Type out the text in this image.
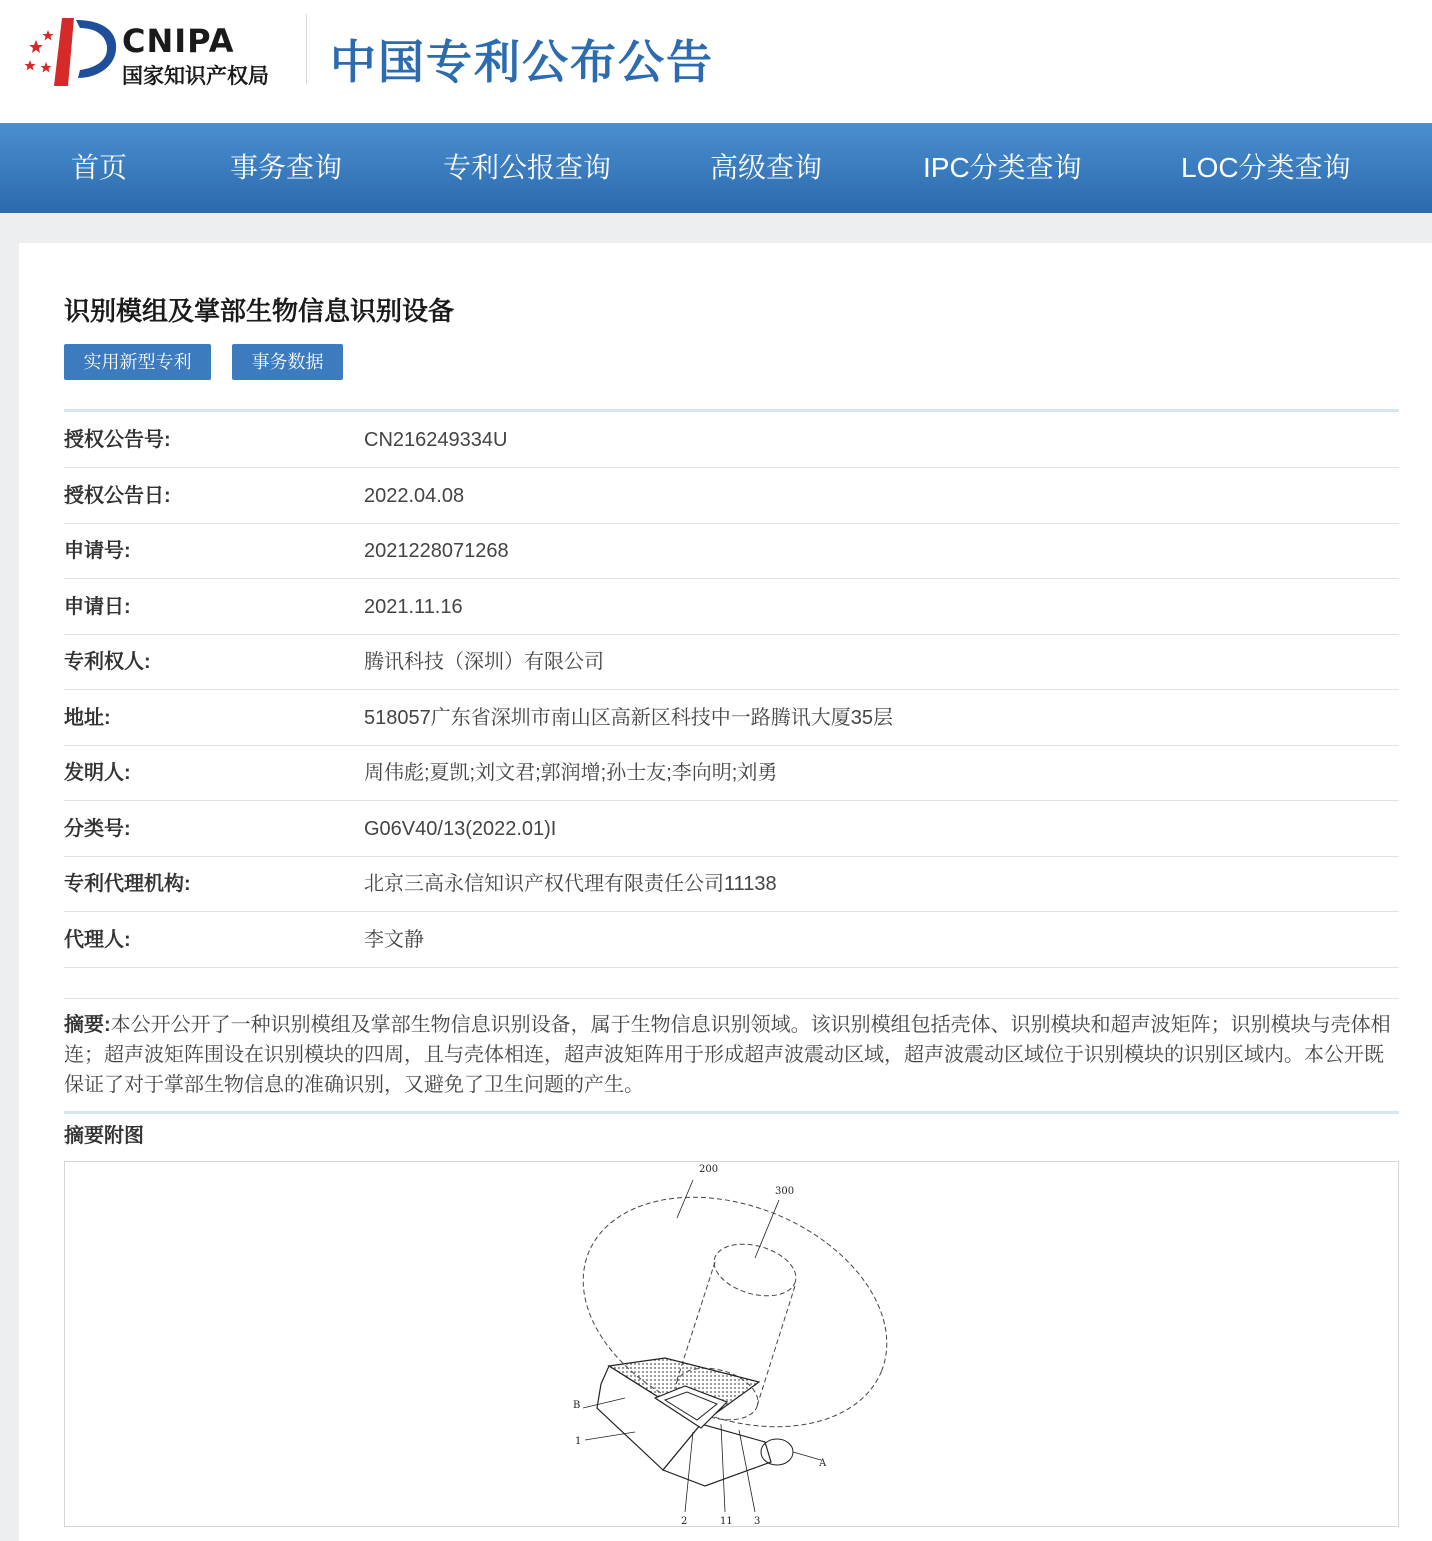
CNIPA
国家知识产权局 中国专利公布公告
首页	事务查询	专利公报查询	高级查询	IPC分类查询	LOC分类查询
识别模组及掌部生物信息识别设备
实用新型专利	事务数据
授权公告号:	CN216249334U
授权公告日:	2022.04.08
申请号:	2021228071268
申请日:	2021.11.16
专利权人:	腾讯科技（深圳）有限公司
地址:	518057广东省深圳市南山区高新区科技中一路腾讯大厦35层
发明人:	周伟彪;夏凯;刘文君;郭润增;孙士友;李向明;刘勇
分类号:	G06V40/13(2022.01)I
专利代理机构:	北京三高永信知识产权代理有限责任公司11138
代理人:	李文静
摘要:本公开公开了一种识别模组及掌部生物信息识别设备，属于生物信息识别领域。该识别模组包括壳体、识别模块和超声波矩阵；识别模块与壳体相连；超声波矩阵围设在识别模块的四周，且与壳体相连，超声波矩阵用于形成超声波震动区域，超声波震动区域位于识别模块的识别区域内。本公开既保证了对于掌部生物信息的准确识别，又避免了卫生问题的产生。
摘要附图
200
300
B
1
A
2	11 3
